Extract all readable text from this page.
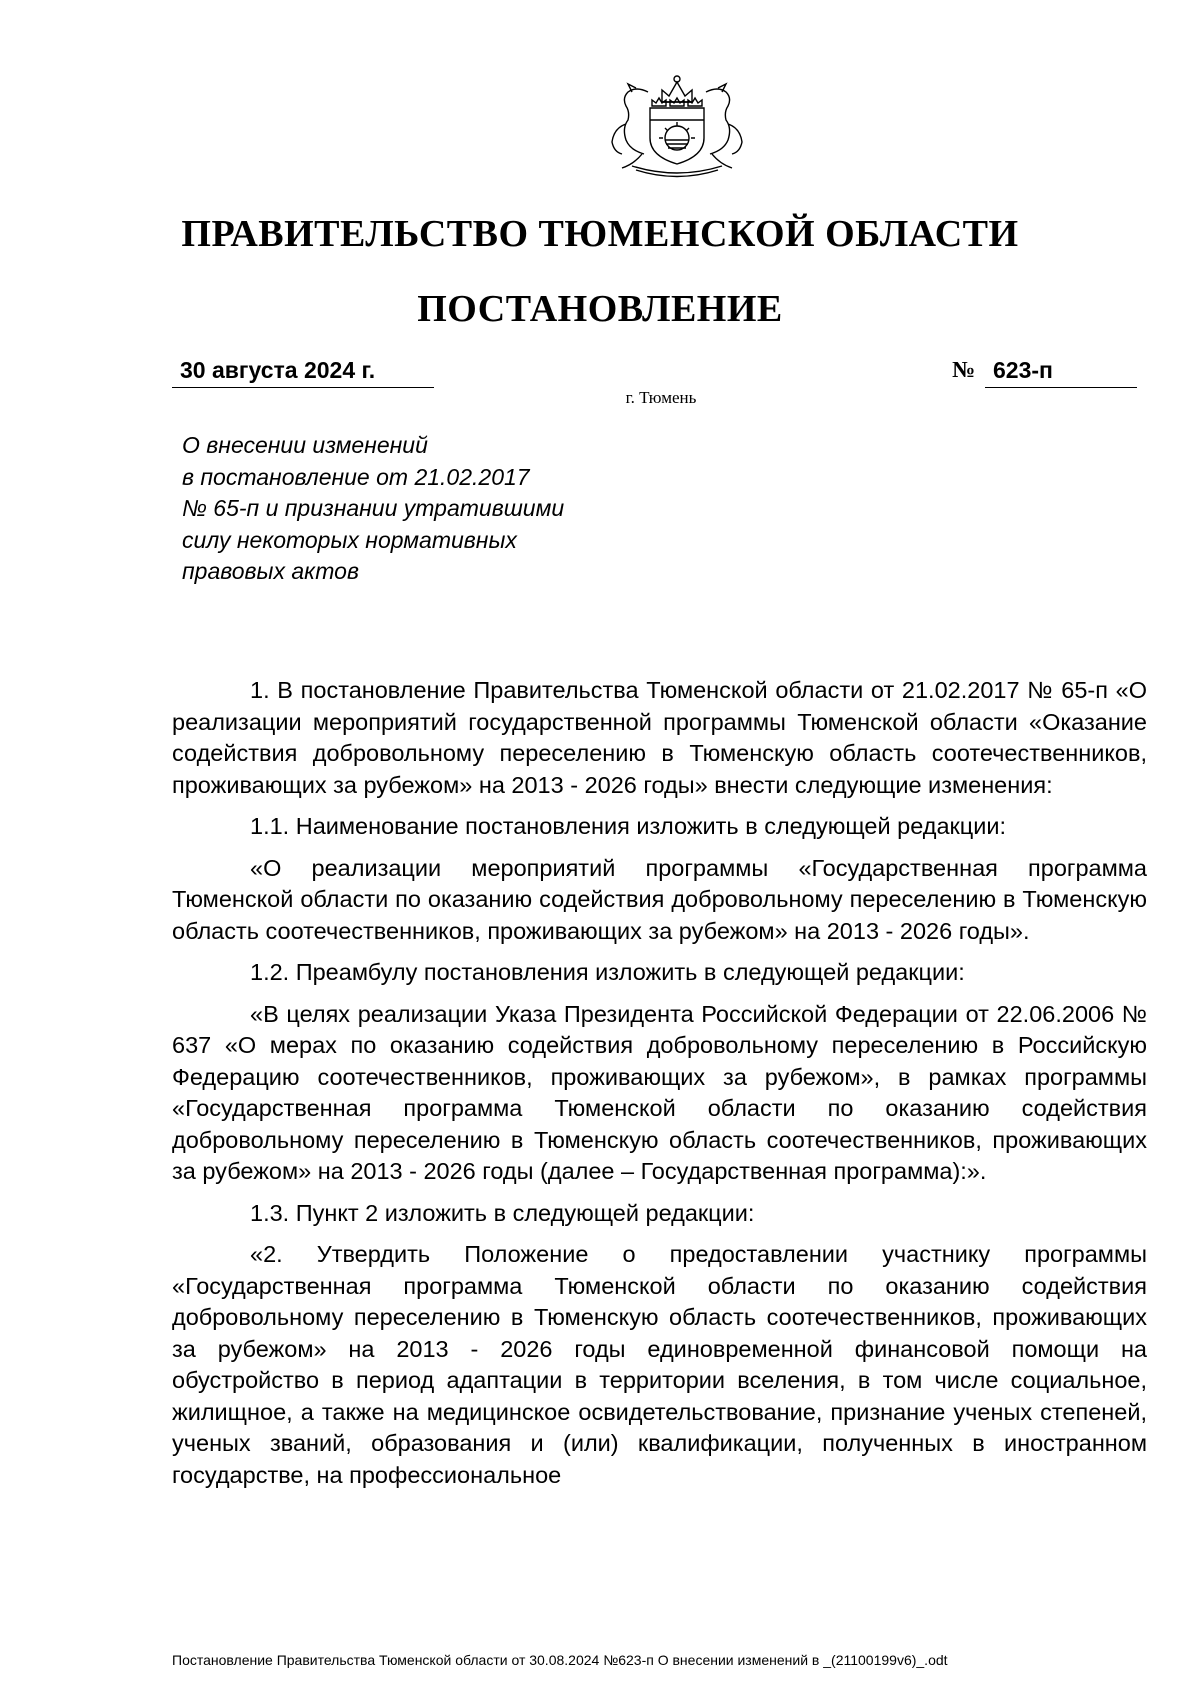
ПРАВИТЕЛЬСТВО ТЮМЕНСКОЙ ОБЛАСТИ
ПОСТАНОВЛЕНИЕ
30 августа 2024 г.	№ 623-п
г. Тюмень
О внесении изменений
в постановление от 21.02.2017
№ 65-п и признании утратившими
силу некоторых нормативных
правовых актов

1. В постановление Правительства Тюменской области от 21.02.2017 № 65-п «О реализации мероприятий государственной программы Тюменской области «Оказание содействия добровольному переселению в Тюменскую область соотечественников, проживающих за рубежом» на 2013 - 2026 годы» внести следующие изменения:

1.1. Наименование постановления изложить в следующей редакции:

«О реализации мероприятий программы «Государственная программа Тюменской области по оказанию содействия добровольному переселению в Тюменскую область соотечественников, проживающих за рубежом» на 2013 - 2026 годы».

1.2. Преамбулу постановления изложить в следующей редакции:

«В целях реализации Указа Президента Российской Федерации от 22.06.2006 № 637 «О мерах по оказанию содействия добровольному переселению в Российскую Федерацию соотечественников, проживающих за рубежом», в рамках программы «Государственная программа Тюменской области по оказанию содействия добровольному переселению в Тюменскую область соотечественников, проживающих за рубежом» на 2013 - 2026 годы (далее – Государственная программа):».

1.3. Пункт 2 изложить в следующей редакции:

«2. Утвердить Положение о предоставлении участнику программы «Государственная программа Тюменской области по оказанию содействия добровольному переселению в Тюменскую область соотечественников, проживающих за рубежом» на 2013 - 2026 годы единовременной финансовой помощи на обустройство в период адаптации в территории вселения, в том числе социальное, жилищное, а также на медицинское освидетельствование, признание ученых степеней, ученых званий, образования и (или) квалификации, полученных в иностранном государстве, на профессиональное

Постановление Правительства Тюменской области от 30.08.2024 №623-п О внесении изменений в _(21100199v6)_.odt
